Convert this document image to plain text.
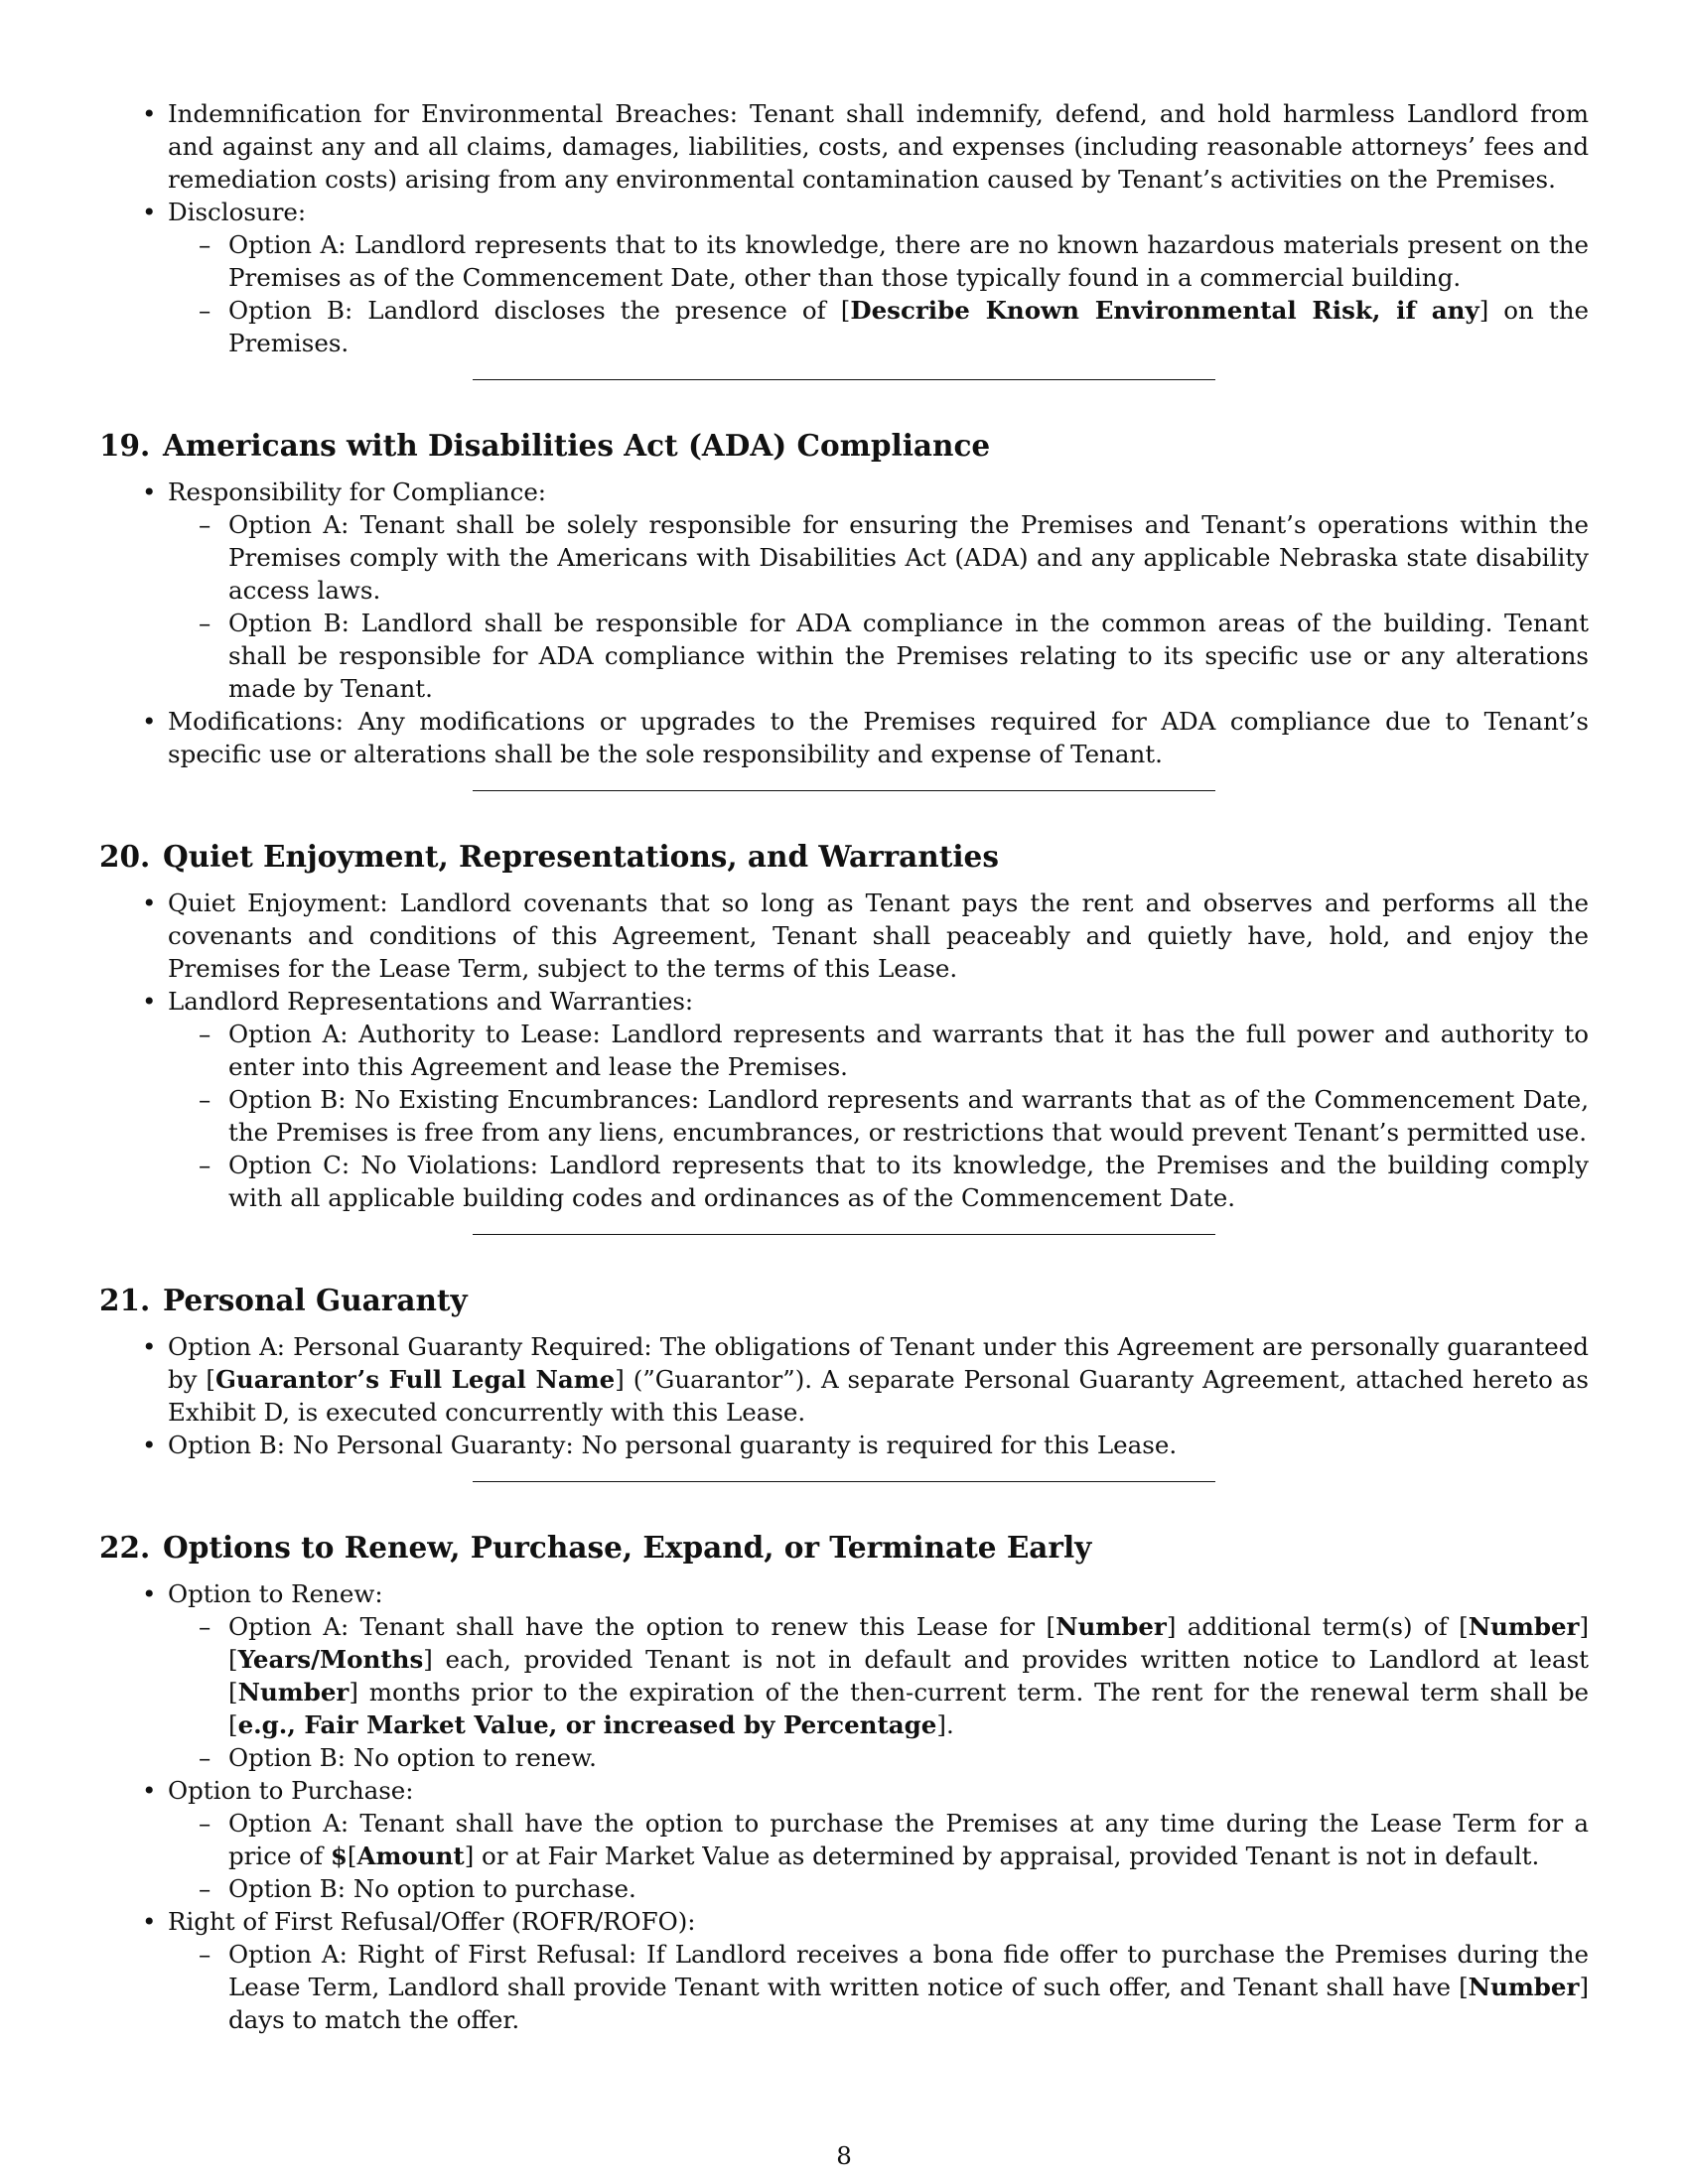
• Indemnification for Environmental Breaches: Tenant shall indemnify, defend, and hold harmless Landlord from and against any and all claims, damages, liabilities, costs, and expenses (including reasonable attorneys’ fees and remediation costs) arising from any environmental contamination caused by Tenant’s activities on the Premises.
• Disclosure:
– Option A: Landlord represents that to its knowledge, there are no known hazardous materials present on the Premises as of the Commencement Date, other than those typically found in a commercial building.
– Option B: Landlord discloses the presence of [Describe Known Environmental Risk, if any] on the Premises.
19. Americans with Disabilities Act (ADA) Compliance
• Responsibility for Compliance:
– Option A: Tenant shall be solely responsible for ensuring the Premises and Tenant’s operations within the Premises comply with the Americans with Disabilities Act (ADA) and any applicable Nebraska state disability access laws.
– Option B: Landlord shall be responsible for ADA compliance in the common areas of the building. Tenant shall be responsible for ADA compliance within the Premises relating to its specific use or any alterations made by Tenant.
• Modifications: Any modifications or upgrades to the Premises required for ADA compliance due to Tenant’s specific use or alterations shall be the sole responsibility and expense of Tenant.
20. Quiet Enjoyment, Representations, and Warranties
• Quiet Enjoyment: Landlord covenants that so long as Tenant pays the rent and observes and performs all the covenants and conditions of this Agreement, Tenant shall peaceably and quietly have, hold, and enjoy the Premises for the Lease Term, subject to the terms of this Lease.
• Landlord Representations and Warranties:
– Option A: Authority to Lease: Landlord represents and warrants that it has the full power and authority to enter into this Agreement and lease the Premises.
– Option B: No Existing Encumbrances: Landlord represents and warrants that as of the Commencement Date, the Premises is free from any liens, encumbrances, or restrictions that would prevent Tenant’s permitted use.
– Option C: No Violations: Landlord represents that to its knowledge, the Premises and the building comply with all applicable building codes and ordinances as of the Commencement Date.
21. Personal Guaranty
• Option A: Personal Guaranty Required: The obligations of Tenant under this Agreement are personally guaranteed by [Guarantor’s Full Legal Name] (”Guarantor”). A separate Personal Guaranty Agreement, attached hereto as Exhibit D, is executed concurrently with this Lease.
• Option B: No Personal Guaranty: No personal guaranty is required for this Lease.
22. Options to Renew, Purchase, Expand, or Terminate Early
• Option to Renew:
– Option A: Tenant shall have the option to renew this Lease for [Number] additional term(s) of [Number] [Years/Months] each, provided Tenant is not in default and provides written notice to Landlord at least [Number] months prior to the expiration of the then-current term. The rent for the renewal term shall be [e.g., Fair Market Value, or increased by Percentage].
– Option B: No option to renew.
• Option to Purchase:
– Option A: Tenant shall have the option to purchase the Premises at any time during the Lease Term for a price of $[Amount] or at Fair Market Value as determined by appraisal, provided Tenant is not in default.
– Option B: No option to purchase.
• Right of First Refusal/Offer (ROFR/ROFO):
– Option A: Right of First Refusal: If Landlord receives a bona fide offer to purchase the Premises during the Lease Term, Landlord shall provide Tenant with written notice of such offer, and Tenant shall have [Number] days to match the offer.
8
